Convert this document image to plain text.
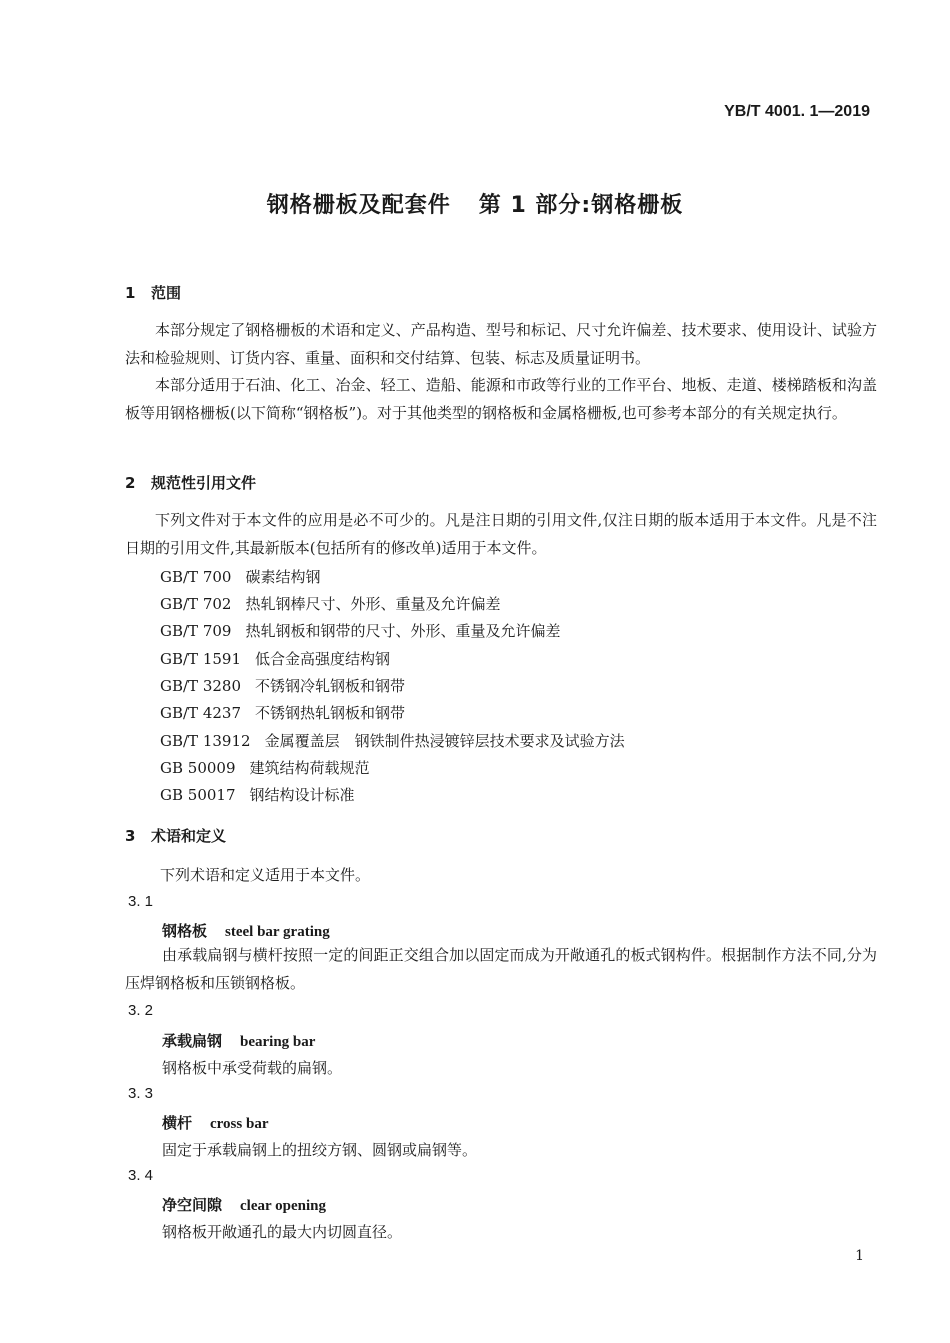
YB/T 4001. 1—2019
钢格栅板及配套件 第 1 部分:钢格栅板
1 范围
本部分规定了钢格栅板的术语和定义、产品构造、型号和标记、尺寸允许偏差、技术要求、使用设计、试验方法和检验规则、订货内容、重量、面积和交付结算、包装、标志及质量证明书。
本部分适用于石油、化工、冶金、轻工、造船、能源和市政等行业的工作平台、地板、走道、楼梯踏板和沟盖板等用钢格栅板(以下简称“钢格板”)。对于其他类型的钢格板和金属格栅板,也可参考本部分的有关规定执行。
2 规范性引用文件
下列文件对于本文件的应用是必不可少的。凡是注日期的引用文件,仅注日期的版本适用于本文件。凡是不注日期的引用文件,其最新版本(包括所有的修改单)适用于本文件。
GB/T 700 碳素结构钢
GB/T 702 热轧钢棒尺寸、外形、重量及允许偏差
GB/T 709 热轧钢板和钢带的尺寸、外形、重量及允许偏差
GB/T 1591 低合金高强度结构钢
GB/T 3280 不锈钢冷轧钢板和钢带
GB/T 4237 不锈钢热轧钢板和钢带
GB/T 13912 金属覆盖层　钢铁制件热浸镀锌层技术要求及试验方法
GB 50009 建筑结构荷载规范
GB 50017 钢结构设计标准
3 术语和定义
下列术语和定义适用于本文件。
3. 1
钢格板 steel bar grating
由承载扁钢与横杆按照一定的间距正交组合加以固定而成为开敞通孔的板式钢构件。根据制作方法不同,分为压焊钢格板和压锁钢格板。
3. 2
承载扁钢 bearing bar
钢格板中承受荷载的扁钢。
3. 3
横杆 cross bar
固定于承载扁钢上的扭绞方钢、圆钢或扁钢等。
3. 4
净空间隙 clear opening
钢格板开敞通孔的最大内切圆直径。
1
